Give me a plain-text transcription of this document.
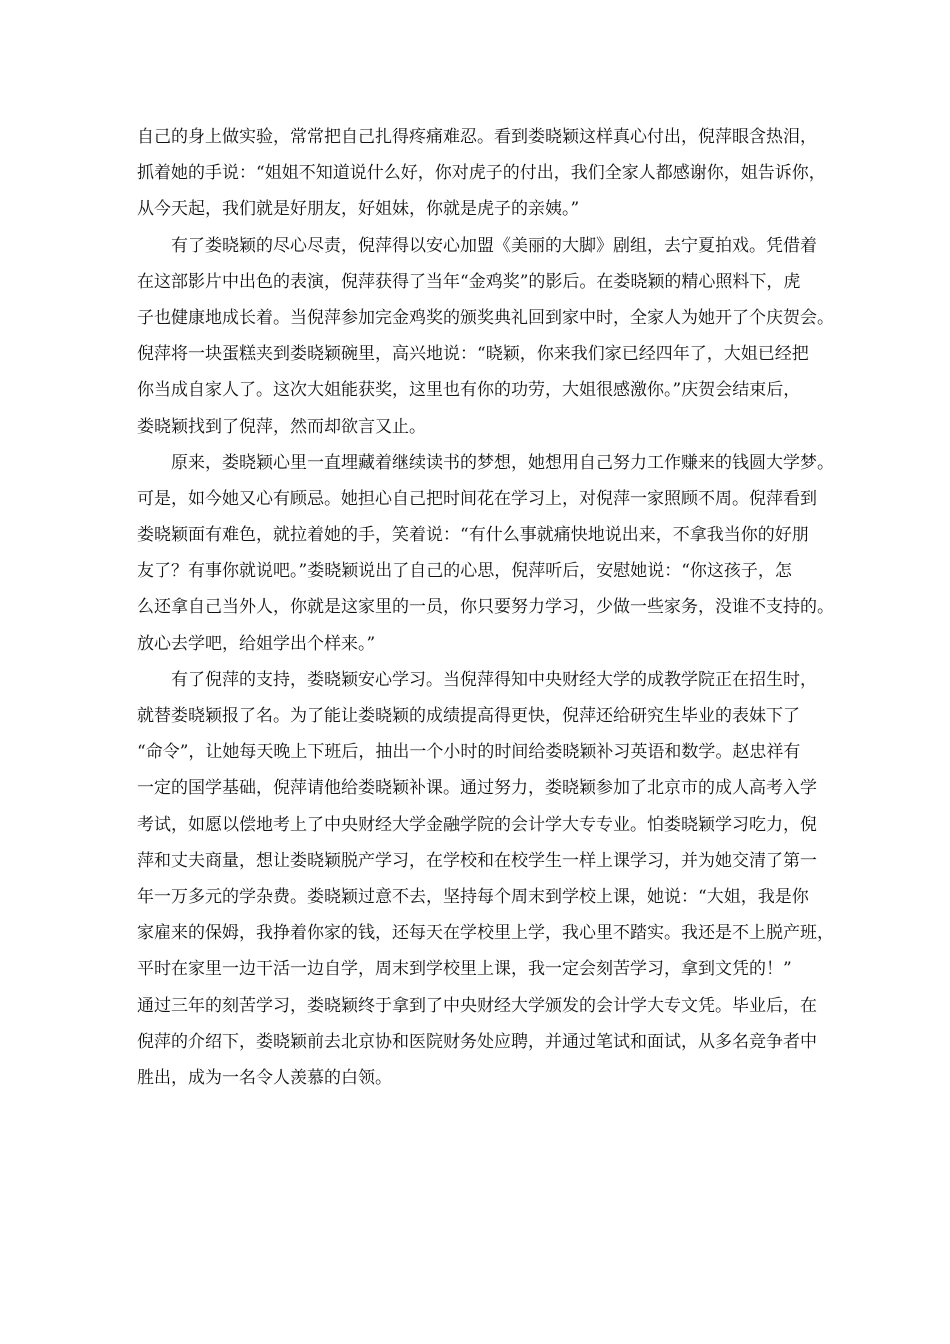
自己的身上做实验，常常把自己扎得疼痛难忍。看到娄晓颖这样真心付出，倪萍眼含热泪，
抓着她的手说：“姐姐不知道说什么好，你对虎子的付出，我们全家人都感谢你，姐告诉你，
从今天起，我们就是好朋友，好姐妹，你就是虎子的亲姨。”
有了娄晓颖的尽心尽责，倪萍得以安心加盟《美丽的大脚》剧组，去宁夏拍戏。凭借着
在这部影片中出色的表演，倪萍获得了当年“金鸡奖”的影后。在娄晓颖的精心照料下，虎
子也健康地成长着。当倪萍参加完金鸡奖的颁奖典礼回到家中时，全家人为她开了个庆贺会。
倪萍将一块蛋糕夹到娄晓颖碗里，高兴地说：“晓颖，你来我们家已经四年了，大姐已经把
你当成自家人了。这次大姐能获奖，这里也有你的功劳，大姐很感激你。”庆贺会结束后，
娄晓颖找到了倪萍，然而却欲言又止。
原来，娄晓颖心里一直埋藏着继续读书的梦想，她想用自己努力工作赚来的钱圆大学梦。
可是，如今她又心有顾忌。她担心自己把时间花在学习上，对倪萍一家照顾不周。倪萍看到
娄晓颖面有难色，就拉着她的手，笑着说：“有什么事就痛快地说出来，不拿我当你的好朋
友了？有事你就说吧。”娄晓颖说出了自己的心思，倪萍听后，安慰她说：“你这孩子，怎
么还拿自己当外人，你就是这家里的一员，你只要努力学习，少做一些家务，没谁不支持的。
放心去学吧，给姐学出个样来。”
有了倪萍的支持，娄晓颖安心学习。当倪萍得知中央财经大学的成教学院正在招生时，
就替娄晓颖报了名。为了能让娄晓颖的成绩提高得更快，倪萍还给研究生毕业的表妹下了
“命令”，让她每天晚上下班后，抽出一个小时的时间给娄晓颖补习英语和数学。赵忠祥有
一定的国学基础，倪萍请他给娄晓颖补课。通过努力，娄晓颖参加了北京市的成人高考入学
考试，如愿以偿地考上了中央财经大学金融学院的会计学大专专业。怕娄晓颖学习吃力，倪
萍和丈夫商量，想让娄晓颖脱产学习，在学校和在校学生一样上课学习，并为她交清了第一
年一万多元的学杂费。娄晓颖过意不去，坚持每个周末到学校上课，她说：“大姐，我是你
家雇来的保姆，我挣着你家的钱，还每天在学校里上学，我心里不踏实。我还是不上脱产班，
平时在家里一边干活一边自学，周末到学校里上课，我一定会刻苦学习，拿到文凭的！”
通过三年的刻苦学习，娄晓颖终于拿到了中央财经大学颁发的会计学大专文凭。毕业后，在
倪萍的介绍下，娄晓颖前去北京协和医院财务处应聘，并通过笔试和面试，从多名竞争者中
胜出，成为一名令人羡慕的白领。
